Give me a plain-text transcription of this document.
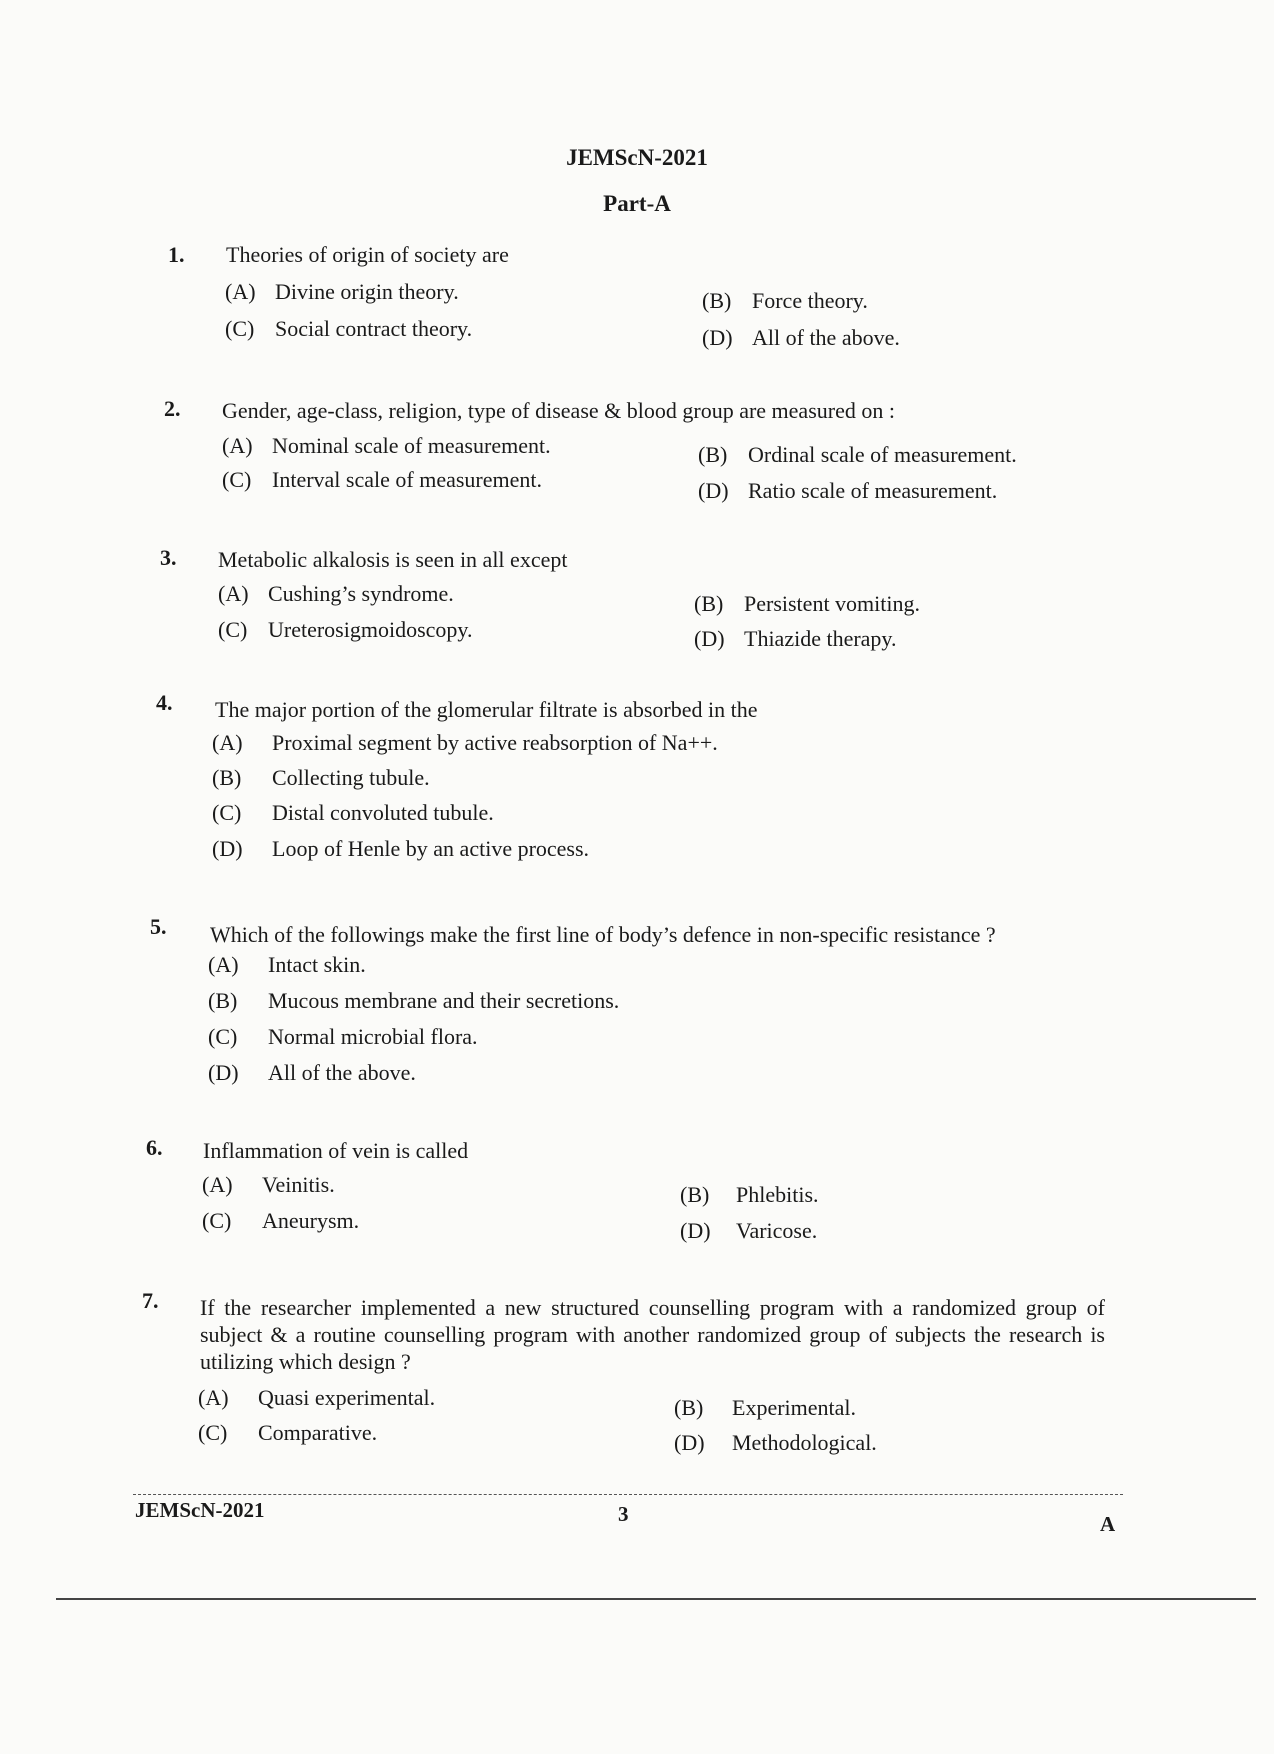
JEMScN-2021
Part-A
1. Theories of origin of society are
(A) Divine origin theory.	(B) Force theory.
(C) Social contract theory.	(D) All of the above.
2. Gender, age-class, religion, type of disease & blood group are measured on :
(A) Nominal scale of measurement.	(B) Ordinal scale of measurement.
(C) Interval scale of measurement.	(D) Ratio scale of measurement.
3. Metabolic alkalosis is seen in all except
(A) Cushing’s syndrome.	(B) Persistent vomiting.
(C) Ureterosigmoidoscopy.	(D) Thiazide therapy.
4. The major portion of the glomerular filtrate is absorbed in the
(A) Proximal segment by active reabsorption of Na++.
(B) Collecting tubule.
(C) Distal convoluted tubule.
(D) Loop of Henle by an active process.
5. Which of the followings make the first line of body’s defence in non-specific resistance ?
(A) Intact skin.
(B) Mucous membrane and their secretions.
(C) Normal microbial flora.
(D) All of the above.
6. Inflammation of vein is called
(A) Veinitis.	(B) Phlebitis.
(C) Aneurysm.	(D) Varicose.
7. If the researcher implemented a new structured counselling program with a randomized group of subject & a routine counselling program with another randomized group of subjects the research is utilizing which design ?
(A) Quasi experimental.	(B) Experimental.
(C) Comparative.	(D) Methodological.
JEMScN-2021	3	A
